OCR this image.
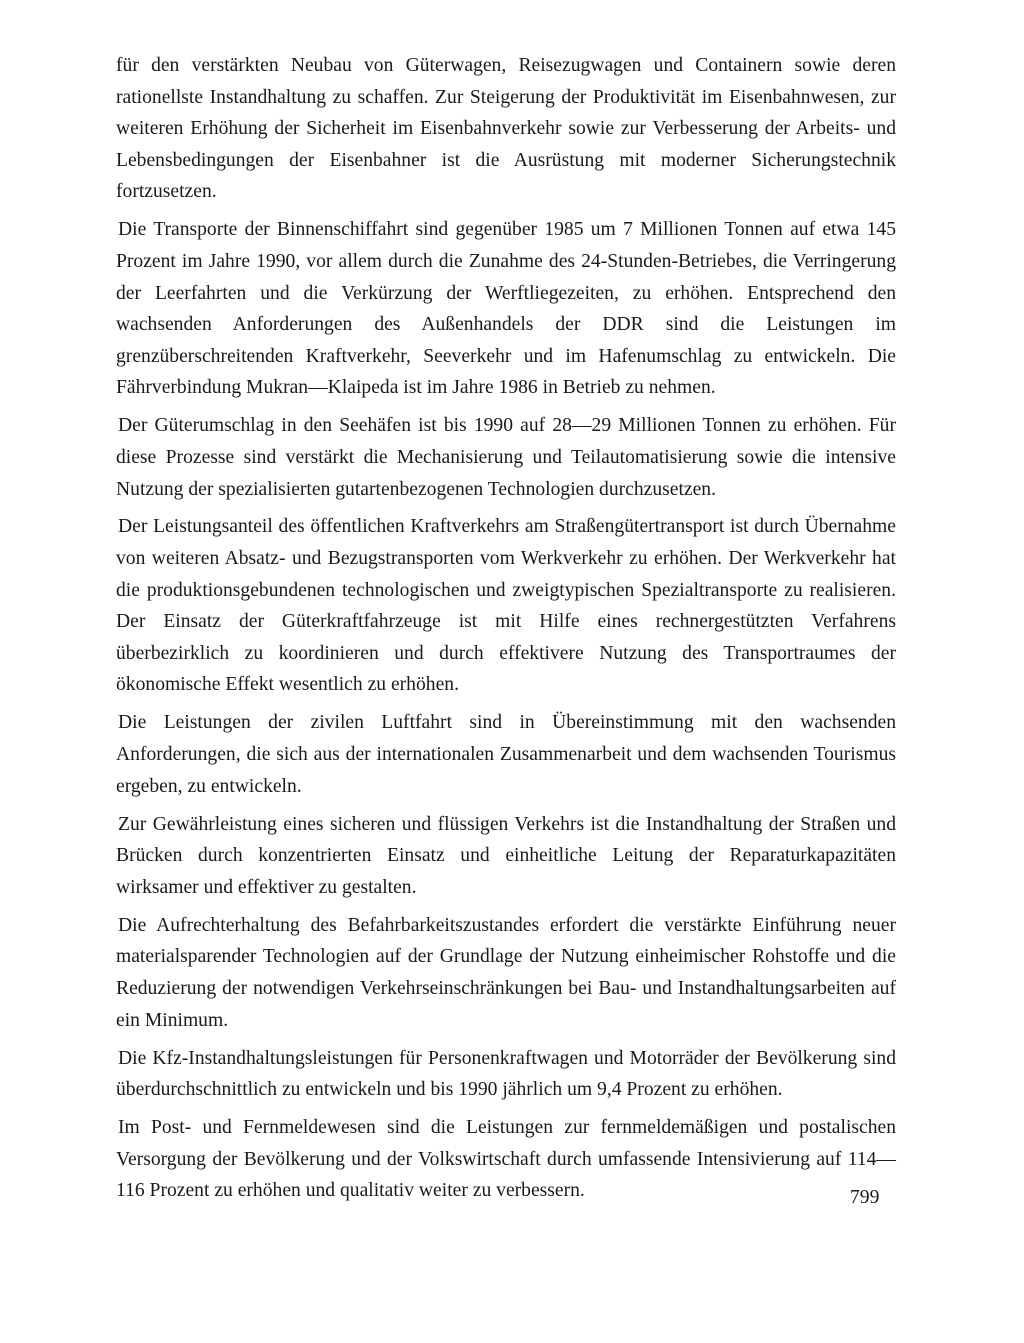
für den verstärkten Neubau von Güterwagen, Reisezugwagen und Containern sowie deren rationellste Instandhaltung zu schaffen. Zur Steigerung der Produktivität im Eisenbahnwesen, zur weiteren Erhöhung der Sicherheit im Eisenbahnverkehr sowie zur Verbesserung der Arbeits- und Lebensbedingungen der Eisenbahner ist die Ausrüstung mit moderner Sicherungstechnik fortzusetzen.

Die Transporte der Binnenschiffahrt sind gegenüber 1985 um 7 Millionen Tonnen auf etwa 145 Prozent im Jahre 1990, vor allem durch die Zunahme des 24-Stunden-Betriebes, die Verringerung der Leerfahrten und die Verkürzung der Werftliegezeiten, zu erhöhen. Entsprechend den wachsenden Anforderungen des Außenhandels der DDR sind die Leistungen im grenzüberschreitenden Kraftverkehr, Seeverkehr und im Hafenumschlag zu entwickeln. Die Fährverbindung Mukran—Klaipeda ist im Jahre 1986 in Betrieb zu nehmen.

Der Güterumschlag in den Seehäfen ist bis 1990 auf 28—29 Millionen Tonnen zu erhöhen. Für diese Prozesse sind verstärkt die Mechanisierung und Teilautomatisierung sowie die intensive Nutzung der spezialisierten gutartenbezogenen Technologien durchzusetzen.

Der Leistungsanteil des öffentlichen Kraftverkehrs am Straßengütertransport ist durch Übernahme von weiteren Absatz- und Bezugstransporten vom Werkverkehr zu erhöhen. Der Werkverkehr hat die produktionsgebundenen technologischen und zweigtypischen Spezialtransporte zu realisieren. Der Einsatz der Güterkraftfahrzeuge ist mit Hilfe eines rechnergestützten Verfahrens überbezirklich zu koordinieren und durch effektivere Nutzung des Transportraumes der ökonomische Effekt wesentlich zu erhöhen.

Die Leistungen der zivilen Luftfahrt sind in Übereinstimmung mit den wachsenden Anforderungen, die sich aus der internationalen Zusammenarbeit und dem wachsenden Tourismus ergeben, zu entwickeln.

Zur Gewährleistung eines sicheren und flüssigen Verkehrs ist die Instandhaltung der Straßen und Brücken durch konzentrierten Einsatz und einheitliche Leitung der Reparaturkapazitäten wirksamer und effektiver zu gestalten.

Die Aufrechterhaltung des Befahrbarkeitszustandes erfordert die verstärkte Einführung neuer materialsparender Technologien auf der Grundlage der Nutzung einheimischer Rohstoffe und die Reduzierung der notwendigen Verkehrseinschränkungen bei Bau- und Instandhaltungsarbeiten auf ein Minimum.

Die Kfz-Instandhaltungsleistungen für Personenkraftwagen und Motorräder der Bevölkerung sind überdurchschnittlich zu entwickeln und bis 1990 jährlich um 9,4 Prozent zu erhöhen.

Im Post- und Fernmeldewesen sind die Leistungen zur fernmeldemäßigen und postalischen Versorgung der Bevölkerung und der Volkswirtschaft durch umfassende Intensivierung auf 114—116 Prozent zu erhöhen und qualitativ weiter zu verbessern.	799
